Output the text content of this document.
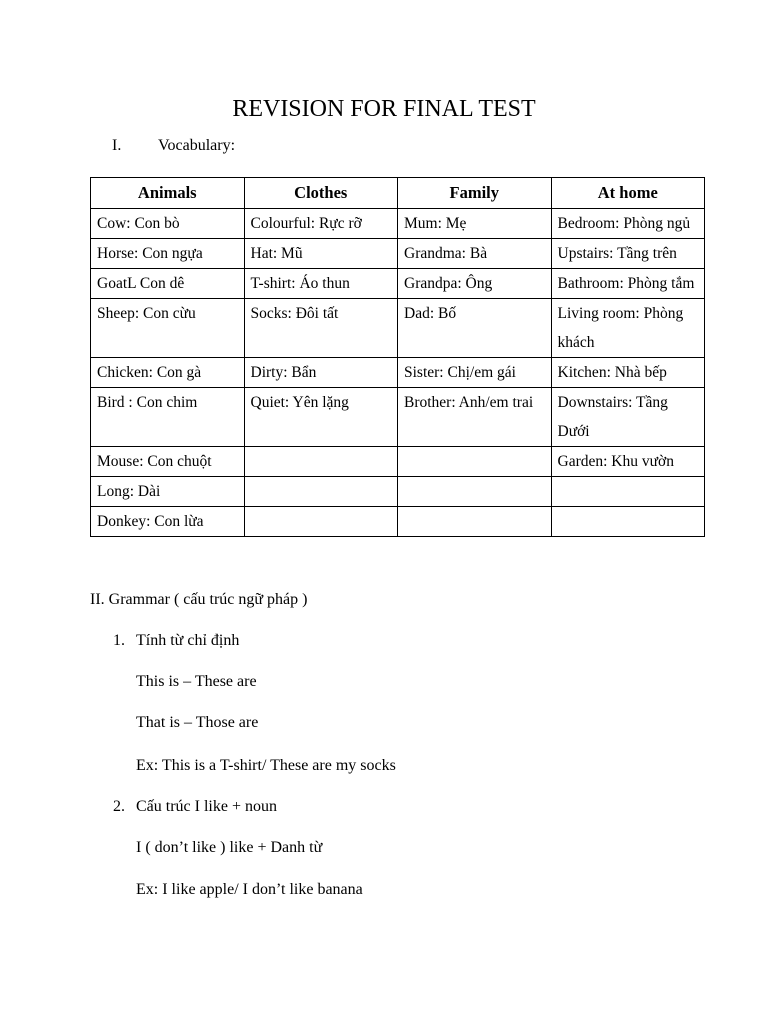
REVISION FOR FINAL TEST
I. Vocabulary:
Animals	Clothes	Family	At home
Cow: Con bò	Colourful: Rực rỡ	Mum: Mẹ	Bedroom: Phòng ngủ
Horse: Con ngựa	Hat: Mũ	Grandma: Bà	Upstairs: Tầng trên
GoatL Con dê	T-shirt: Áo thun	Grandpa: Ông	Bathroom: Phòng tắm
Sheep: Con cừu	Socks: Đôi tất	Dad: Bố	Living room: Phòng khách
Chicken: Con gà	Dirty: Bẩn	Sister: Chị/em gái	Kitchen: Nhà bếp
Bird : Con chim	Quiet: Yên lặng	Brother: Anh/em trai	Downstairs: Tầng Dưới
Mouse: Con chuột			Garden: Khu vườn
Long: Dài			
Donkey: Con lừa			
II. Grammar ( cấu trúc ngữ pháp )
1. Tính từ chỉ định
This is – These are
That is – Those are
Ex: This is a T-shirt/ These are my socks
2. Cấu trúc I like + noun
I ( don’t like ) like + Danh từ
Ex: I like apple/ I don’t like banana
